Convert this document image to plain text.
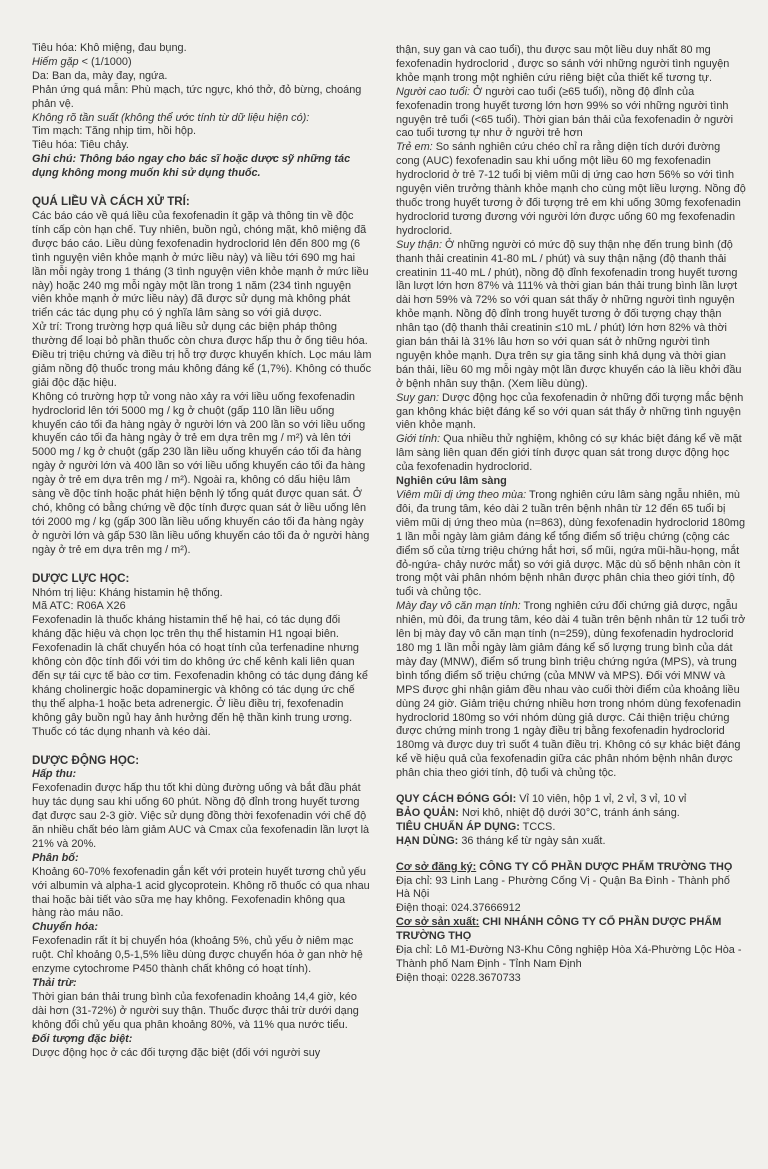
Tiêu hóa: Khô miệng, đau bụng.

Hiếm gặp < (1/1000)

Da: Ban da, mày đay, ngứa.

Phản ứng quá mẫn: Phù mạch, tức ngực, khó thở, đỏ bừng, choáng phản vệ.

Không rõ tần suất (không thể ước tính từ dữ liệu hiện có):

Tim mạch: Tăng nhịp tim, hồi hộp.

Tiêu hóa: Tiêu chảy.

Ghi chú: Thông báo ngay cho bác sĩ hoặc dược sỹ những tác dụng không mong muốn khi sử dụng thuốc.

QUÁ LIỀU VÀ CÁCH XỬ TRÍ:

Các báo cáo về quá liều của fexofenadin ít gặp và thông tin về độc tính cấp còn hạn chế. Tuy nhiên, buồn ngủ, chóng mặt, khô miệng đã được báo cáo. Liều dùng fexofenadin hydroclorid lên đến 800 mg (6 tình nguyện viên khỏe mạnh ở mức liều này) và liều tới 690 mg hai lần mỗi ngày trong 1 tháng (3 tình nguyện viên khỏe mạnh ở mức liều này) hoặc 240 mg mỗi ngày một lần trong 1 năm (234 tình nguyện viên khỏe mạnh ở mức liều này) đã được sử dụng mà không phát triển các tác dụng phụ có ý nghĩa lâm sàng so với giả dược.

Xử trí: Trong trường hợp quá liều sử dụng các biện pháp thông thường để loại bỏ phần thuốc còn chưa được hấp thu ở ống tiêu hóa. Điều trị triệu chứng và điều trị hỗ trợ được khuyến khích. Lọc máu làm giảm nồng độ thuốc trong máu không đáng kể (1,7%). Không có thuốc giải độc đặc hiệu.

Không có trường hợp tử vong nào xảy ra với liều uống fexofenadin hydroclorid lên tới 5000 mg / kg ở chuột (gấp 110 lần liều uống khuyến cáo tối đa hàng ngày ở người lớn và 200 lần so với liều uống khuyến cáo tối đa hàng ngày ở trẻ em dựa trên mg / m²) và lên tới 5000 mg / kg ở chuột (gấp 230 lần liều uống khuyến cáo tối đa hàng ngày ở người lớn và 400 lần so với liều uống khuyến cáo tối đa hàng ngày ở trẻ em dựa trên mg / m²). Ngoài ra, không có dấu hiệu lâm sàng về độc tính hoặc phát hiện bệnh lý tổng quát được quan sát. Ở chó, không có bằng chứng về độc tính được quan sát ở liều uống lên tới 2000 mg / kg (gấp 300 lần liều uống khuyến cáo tối đa hàng ngày ở người lớn và gấp 530 lần liều uống khuyến cáo tối đa ở người hàng ngày ở trẻ em dựa trên mg / m²).

DƯỢC LỰC HỌC:

Nhóm trị liệu: Kháng histamin hệ thống.

Mã ATC: R06A X26

Fexofenadin là thuốc kháng histamin thế hệ hai, có tác dụng đối kháng đặc hiệu và chọn lọc trên thụ thể histamin H1 ngoại biên. Fexofenadin là chất chuyển hóa có hoạt tính của terfenadine nhưng không còn độc tính đối với tim do không ức chế kênh kali liên quan đến sự tái cực tế bào cơ tim. Fexofenadin không có tác dụng đáng kể kháng cholinergic hoặc dopaminergic và không có tác dụng ức chế thụ thể alpha-1 hoặc beta adrenergic. Ở liều điều trị, fexofenadin không gây buồn ngủ hay ảnh hưởng đến hệ thần kinh trung ương. Thuốc có tác dụng nhanh và kéo dài.

DƯỢC ĐỘNG HỌC:

Hấp thu:

Fexofenadin được hấp thu tốt khi dùng đường uống và bắt đầu phát huy tác dụng sau khi uống 60 phút. Nồng độ đỉnh trong huyết tương đạt được sau 2-3 giờ. Việc sử dụng đồng thời fexofenadin với chế độ ăn nhiều chất béo làm giảm AUC và Cmax của fexofenadin lần lượt là 21% và 20%.

Phân bố:

Khoảng 60-70% fexofenadin gắn kết với protein huyết tương chủ yếu với albumin và alpha-1 acid glycoprotein. Không rõ thuốc có qua nhau thai hoặc bài tiết vào sữa mẹ hay không. Fexofenadin không qua hàng rào máu não.

Chuyển hóa:

Fexofenadin rất ít bị chuyển hóa (khoảng 5%, chủ yếu ở niêm mạc ruột. Chỉ khoảng 0,5-1,5% liều dùng được chuyển hóa ở gan nhờ hệ enzyme cytochrome P450 thành chất không có hoạt tính).

Thải trừ:

Thời gian bán thải trung bình của fexofenadin khoảng 14,4 giờ, kéo dài hơn (31-72%) ở người suy thận. Thuốc được thải trừ dưới dạng không đổi chủ yếu qua phân khoảng 80%, và 11% qua nước tiểu.

Đối tượng đặc biệt:

Dược động học ở các đối tượng đặc biệt (đối với người suy

thận, suy gan và cao tuổi), thu được sau một liều duy nhất 80 mg fexofenadin hydroclorid , được so sánh với những người tình nguyện khỏe mạnh trong một nghiên cứu riêng biệt của thiết kế tương tự.

Người cao tuổi: Ở người cao tuổi (≥65 tuổi), nồng độ đỉnh của fexofenadin trong huyết tương lớn hơn 99% so với những người tình nguyện trẻ tuổi (<65 tuổi). Thời gian bán thải của fexofenadin ở người cao tuổi tương tự như ở người trẻ hơn

Trẻ em: So sánh nghiên cứu chéo chỉ ra rằng diện tích dưới đường cong (AUC) fexofenadin sau khi uống một liều 60 mg fexofenadin hydroclorid ở trẻ 7-12 tuổi bị viêm mũi dị ứng cao hơn 56% so với tình nguyện viên trưởng thành khỏe mạnh cho cùng một liều lượng. Nồng độ thuốc trong huyết tương ở đối tượng trẻ em khi uống 30mg fexofenadin hydroclorid tương đương với người lớn được uống 60 mg fexofenadin hydroclorid.

Suy thận: Ở những người có mức độ suy thận nhẹ đến trung bình (độ thanh thải creatinin 41-80 mL / phút) và suy thận nặng (độ thanh thải creatinin 11-40 mL / phút), nồng độ đỉnh fexofenadin trong huyết tương lần lượt lớn hơn 87% và 111% và thời gian bán thải trung bình lần lượt dài hơn 59% và 72% so với quan sát thấy ở những người tình nguyện khỏe mạnh. Nồng độ đỉnh trong huyết tương ở đối tượng chạy thận nhân tạo (độ thanh thải creatinin ≤10 mL / phút) lớn hơn 82% và thời gian bán thải là 31% lâu hơn so với quan sát ở những người tình nguyện khỏe mạnh. Dựa trên sự gia tăng sinh khả dụng và thời gian bán thải, liều 60 mg mỗi ngày một lần được khuyến cáo là liều khởi đầu ở bệnh nhân suy thận. (Xem liều dùng).

Suy gan: Dược động học của fexofenadin ở những đối tượng mắc bệnh gan không khác biệt đáng kể so với quan sát thấy ở những tình nguyện viên khỏe mạnh.

Giới tính: Qua nhiều thử nghiệm, không có sự khác biệt đáng kể về mặt lâm sàng liên quan đến giới tính được quan sát trong dược động học của fexofenadin hydroclorid.

Nghiên cứu lâm sàng

Viêm mũi dị ứng theo mùa: Trong nghiên cứu lâm sàng ngẫu nhiên, mù đôi, đa trung tâm, kéo dài 2 tuần trên bệnh nhân từ 12 đến 65 tuổi bị viêm mũi dị ứng theo mùa (n=863), dùng fexofenadin hydroclorid 180mg 1 lần mỗi ngày làm giảm đáng kể tổng điểm số triệu chứng (cộng các điểm số của từng triệu chứng hắt hơi, sổ mũi, ngứa mũi-hầu-họng, mắt đỏ-ngứa- chảy nước mắt) so với giả dược. Mặc dù số bệnh nhân còn ít trong một vài phân nhóm bệnh nhân được phân chia theo giới tính, độ tuổi và chủng tộc.

Mày đay vô căn mạn tính: Trong nghiên cứu đối chứng giả dược, ngẫu nhiên, mù đôi, đa trung tâm, kéo dài 4 tuần trên bệnh nhân từ 12 tuổi trở lên bị mày đay vô căn mạn tính (n=259), dùng fexofenadin hydroclorid 180 mg 1 lần mỗi ngày làm giảm đáng kể số lượng trung bình của dát mày đay (MNW), điểm số trung bình triệu chứng ngứa (MPS), và trung bình tổng điểm số triệu chứng (của MNW và MPS). Đối với MNW và MPS được ghi nhận giảm đều nhau vào cuối thời điểm của khoảng liều dùng 24 giờ. Giảm triệu chứng nhiều hơn trong nhóm dùng fexofenadin hydroclorid 180mg so với nhóm dùng giả dược. Cải thiện triệu chứng được chứng minh trong 1 ngày điều trị bằng fexofenadin hydroclorid 180mg và được duy trì suốt 4 tuần điều trị. Không có sự khác biệt đáng kể về hiệu quả của fexofenadin giữa các phân nhóm bệnh nhân được phân chia theo giới tính, độ tuổi và chủng tộc.

QUY CÁCH ĐÓNG GÓI: Vỉ 10 viên, hộp 1 vỉ, 2 vỉ, 3 vỉ, 10 vỉ

BẢO QUẢN: Nơi khô, nhiệt độ dưới 30°C, tránh ánh sáng.

TIÊU CHUẨN ÁP DỤNG: TCCS.

HẠN DÙNG: 36 tháng kể từ ngày sản xuất.

Cơ sở đăng ký: CÔNG TY CỔ PHẦN DƯỢC PHẨM TRƯỜNG THỌ

Địa chỉ: 93 Linh Lang - Phường Cống Vị - Quận Ba Đình - Thành phố Hà Nội

Điện thoại: 024.37666912

Cơ sở sản xuất: CHI NHÁNH CÔNG TY CỔ PHẦN DƯỢC PHẨM TRƯỜNG THỌ

Địa chỉ: Lô M1-Đường N3-Khu Công nghiệp Hòa Xá-Phường Lộc Hòa - Thành phố Nam Định - Tỉnh Nam Định

Điện thoại: 0228.3670733
